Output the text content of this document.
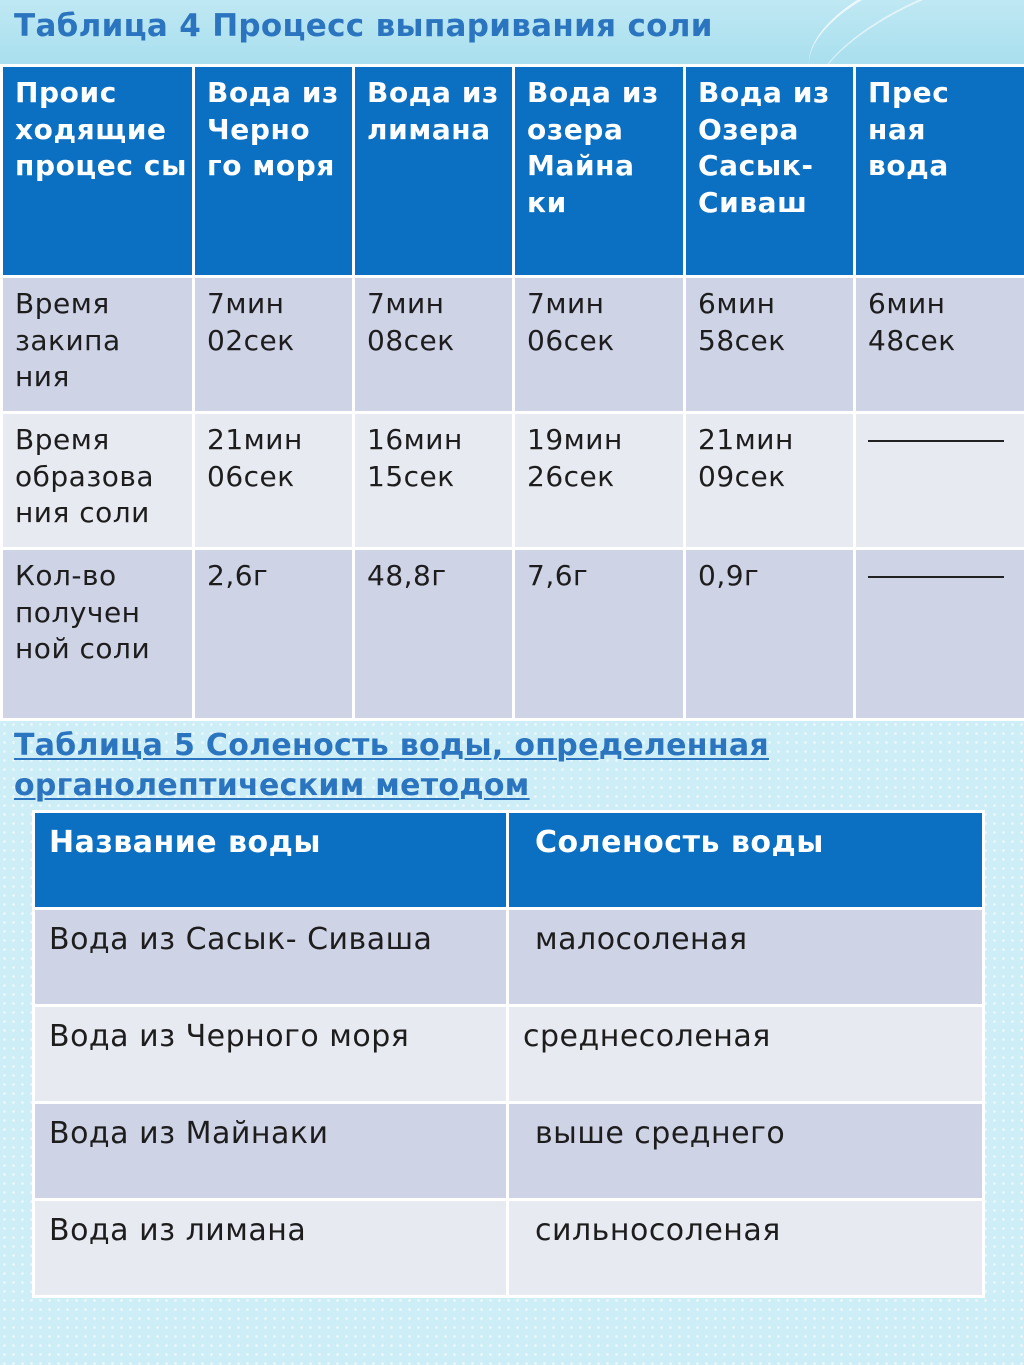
Таблица 4 Процесс выпаривания соли
Проис ходящие процес сы	Вода из Черно го моря	Вода из лимана	Вода из озера Майна ки	Вода из Озера Сасык- Сиваш	Прес ная вода
Время закипа ния	7мин 02сек	7мин 08сек	7мин 06сек	6мин 58сек	6мин 48сек
Время образова ния соли	21мин 06сек	16мин 15сек	19мин 26сек	21мин 09сек	

Кол-во получен ной соли	2,6г	48,8г	7,6г	0,9г	
Таблица 5 Соленость воды, определенная органолептическим методом
Название воды	Соленость воды
Вода из Сасык- Сиваша	малосоленая
Вода из Черного моря	среднесоленая
Вода из Майнаки	выше среднего
Вода из лимана	сильносоленая
